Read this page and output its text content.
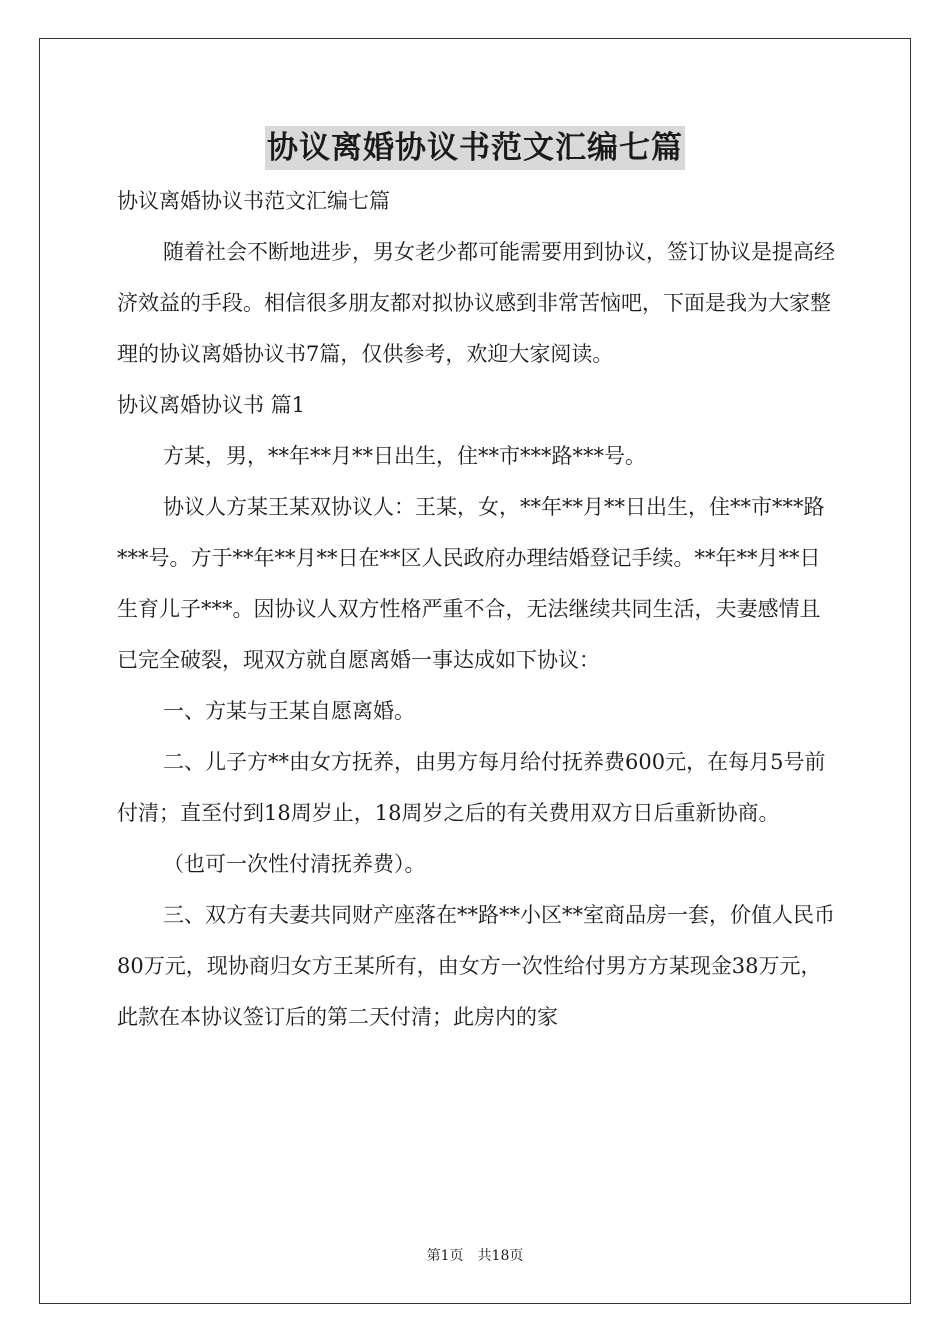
协议离婚协议书范文汇编七篇

协议离婚协议书范文汇编七篇

随着社会不断地进步，男女老少都可能需要用到协议，签订协议是提高经济效益的手段。相信很多朋友都对拟协议感到非常苦恼吧，下面是我为大家整理的协议离婚协议书7篇，仅供参考，欢迎大家阅读。

协议离婚协议书 篇1

方某，男，**年**月**日出生，住**市***路***号。

协议人方某王某双协议人：王某，女，**年**月**日出生，住**市***路***号。方于**年**月**日在**区人民政府办理结婚登记手续。**年**月**日生育儿子***。因协议人双方性格严重不合，无法继续共同生活，夫妻感情且已完全破裂，现双方就自愿离婚一事达成如下协议：

一、方某与王某自愿离婚。

二、儿子方**由女方抚养，由男方每月给付抚养费600元，在每月5号前付清；直至付到18周岁止，18周岁之后的有关费用双方日后重新协商。

（也可一次性付清抚养费）。

三、双方有夫妻共同财产座落在**路**小区**室商品房一套，价值人民币80万元，现协商归女方王某所有，由女方一次性给付男方方某现金38万元，此款在本协议签订后的第二天付清；此房内的家

第1页 共18页
